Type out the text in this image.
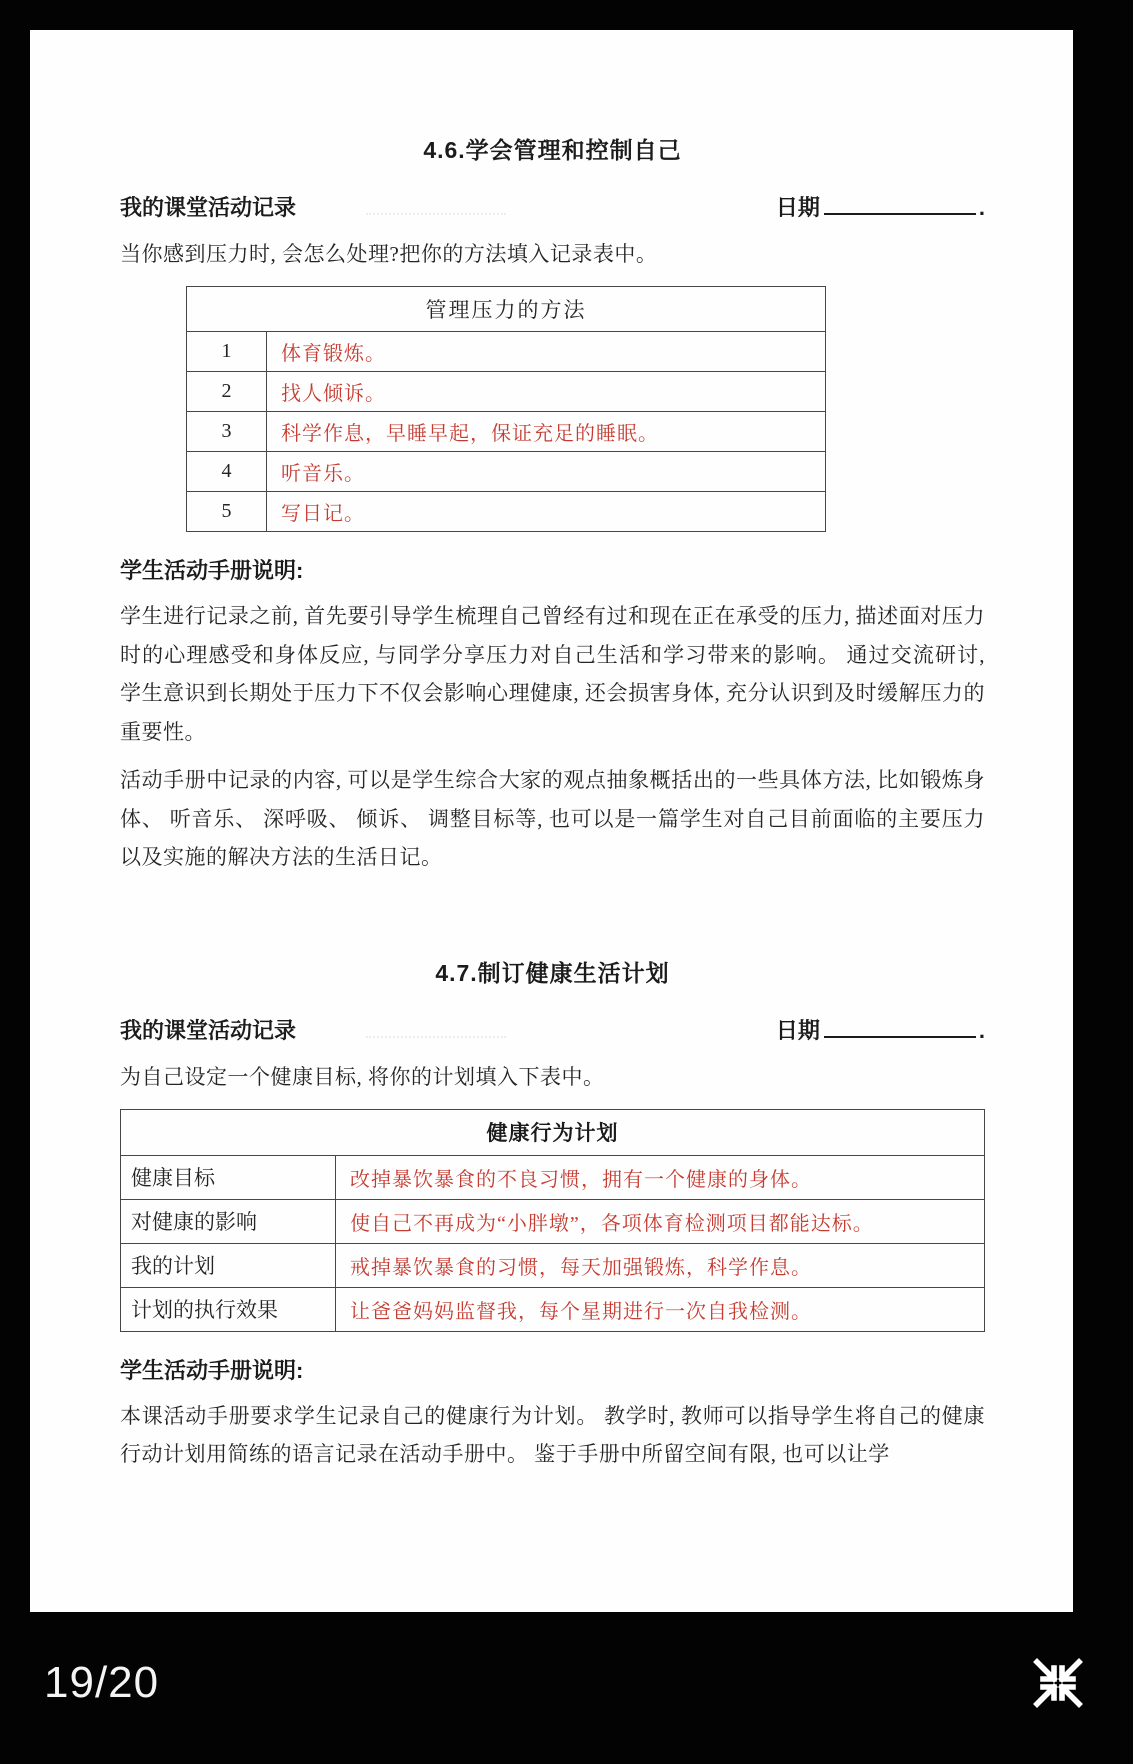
4.6.学会管理和控制自己
我的课堂活动记录	日期	.

当你感到压力时, 会怎么处理?把你的方法填入记录表中。

管理压力的方法	
1	体育锻炼。
2	找人倾诉。
3	科学作息，早睡早起，保证充足的睡眠。
4	听音乐。
5	写日记。
学生活动手册说明:

学生进行记录之前, 首先要引导学生梳理自己曾经有过和现在正在承受的压力, 描述面对压力时的心理感受和身体反应, 与同学分享压力对自己生活和学习带来的影响。 通过交流研讨, 学生意识到长期处于压力下不仅会影响心理健康, 还会损害身体, 充分认识到及时缓解压力的重要性。

活动手册中记录的内容, 可以是学生综合大家的观点抽象概括出的一些具体方法, 比如锻炼身体、 听音乐、 深呼吸、 倾诉、 调整目标等, 也可以是一篇学生对自己目前面临的主要压力以及实施的解决方法的生活日记。

4.7.制订健康生活计划
我的课堂活动记录	日期	.

为自己设定一个健康目标, 将你的计划填入下表中。

健康行为计划	
健康目标	改掉暴饮暴食的不良习惯，拥有一个健康的身体。
对健康的影响	使自己不再成为“小胖墩”，各项体育检测项目都能达标。
我的计划	戒掉暴饮暴食的习惯，每天加强锻炼，科学作息。
计划的执行效果	让爸爸妈妈监督我，每个星期进行一次自我检测。
学生活动手册说明:

本课活动手册要求学生记录自己的健康行为计划。 教学时, 教师可以指导学生将自己的健康行动计划用简练的语言记录在活动手册中。 鉴于手册中所留空间有限, 也可以让学

19/20
